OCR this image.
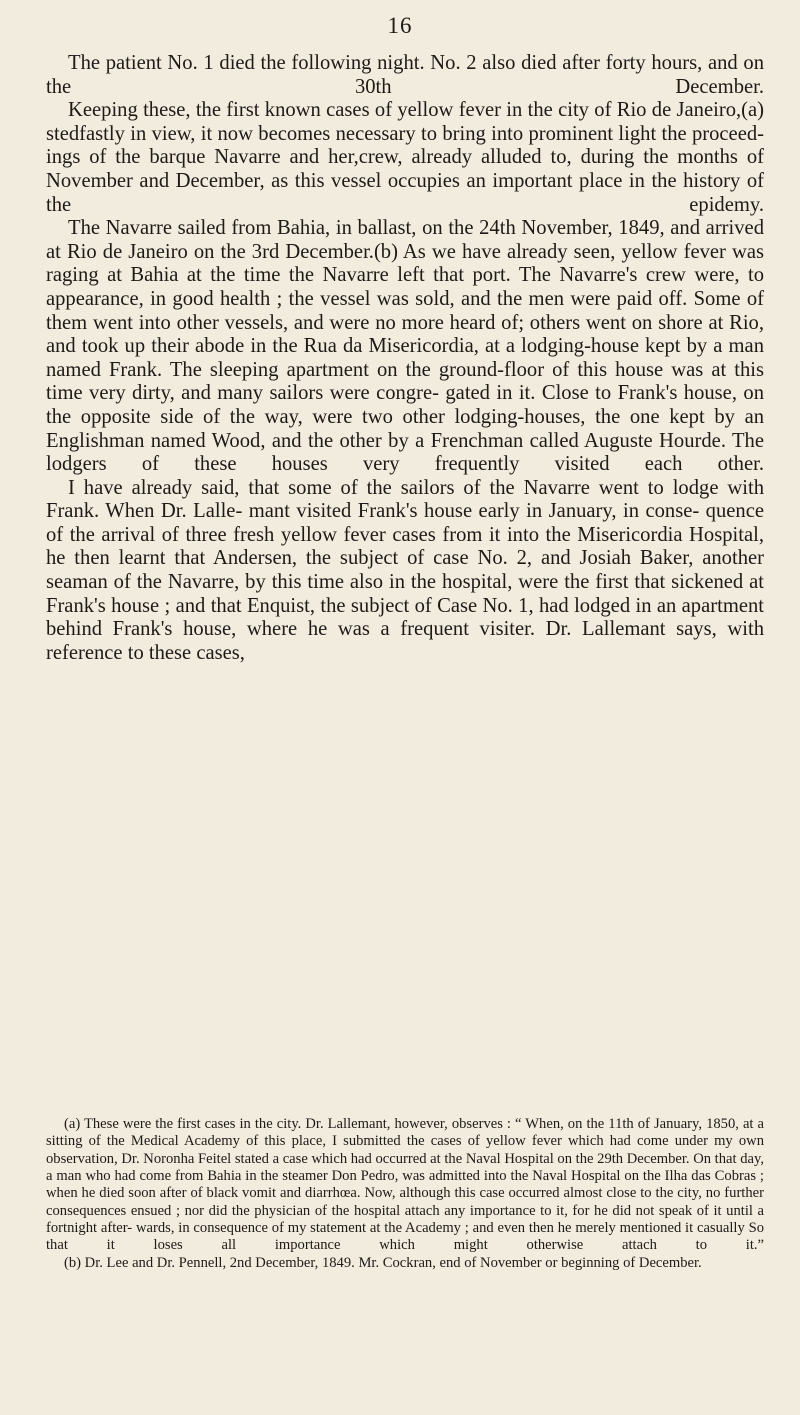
16

The patient No. 1 died the following night. No. 2 also died after forty hours, and on the 30th December.

Keeping these, the first known cases of yellow fever in the city of Rio de Janeiro,(a) stedfastly in view, it now becomes necessary to bring into prominent light the proceed- ings of the barque Navarre and her,crew, already alluded to, during the months of November and December, as this vessel occupies an important place in the history of the epidemy.

The Navarre sailed from Bahia, in ballast, on the 24th November, 1849, and arrived at Rio de Janeiro on the 3rd December.(b) As we have already seen, yellow fever was raging at Bahia at the time the Navarre left that port. The Navarre's crew were, to appearance, in good health ; the vessel was sold, and the men were paid off. Some of them went into other vessels, and were no more heard of; others went on shore at Rio, and took up their abode in the Rua da Misericordia, at a lodging-house kept by a man named Frank. The sleeping apartment on the ground-floor of this house was at this time very dirty, and many sailors were congre- gated in it. Close to Frank's house, on the opposite side of the way, were two other lodging-houses, the one kept by an Englishman named Wood, and the other by a Frenchman called Auguste Hourde. The lodgers of these houses very frequently visited each other.

I have already said, that some of the sailors of the Navarre went to lodge with Frank. When Dr. Lalle- mant visited Frank's house early in January, in conse- quence of the arrival of three fresh yellow fever cases from it into the Misericordia Hospital, he then learnt that Andersen, the subject of case No. 2, and Josiah Baker, another seaman of the Navarre, by this time also in the hospital, were the first that sickened at Frank's house ; and that Enquist, the subject of Case No. 1, had lodged in an apartment behind Frank's house, where he was a frequent visiter. Dr. Lallemant says, with reference to these cases,

(a) These were the first cases in the city. Dr. Lallemant, however, observes : “ When, on the 11th of January, 1850, at a sitting of the Medical Academy of this place, I submitted the cases of yellow fever which had come under my own observation, Dr. Noronha Feitel stated a case which had occurred at the Naval Hospital on the 29th December. On that day, a man who had come from Bahia in the steamer Don Pedro, was admitted into the Naval Hospital on the Ilha das Cobras ; when he died soon after of black vomit and diarrhœa. Now, although this case occurred almost close to the city, no further consequences ensued ; nor did the physician of the hospital attach any importance to it, for he did not speak of it until a fortnight after- wards, in consequence of my statement at the Academy ; and even then he merely mentioned it casually So that it loses all importance which might otherwise attach to it.”

(b) Dr. Lee and Dr. Pennell, 2nd December, 1849. Mr. Cockran, end of November or beginning of December.
